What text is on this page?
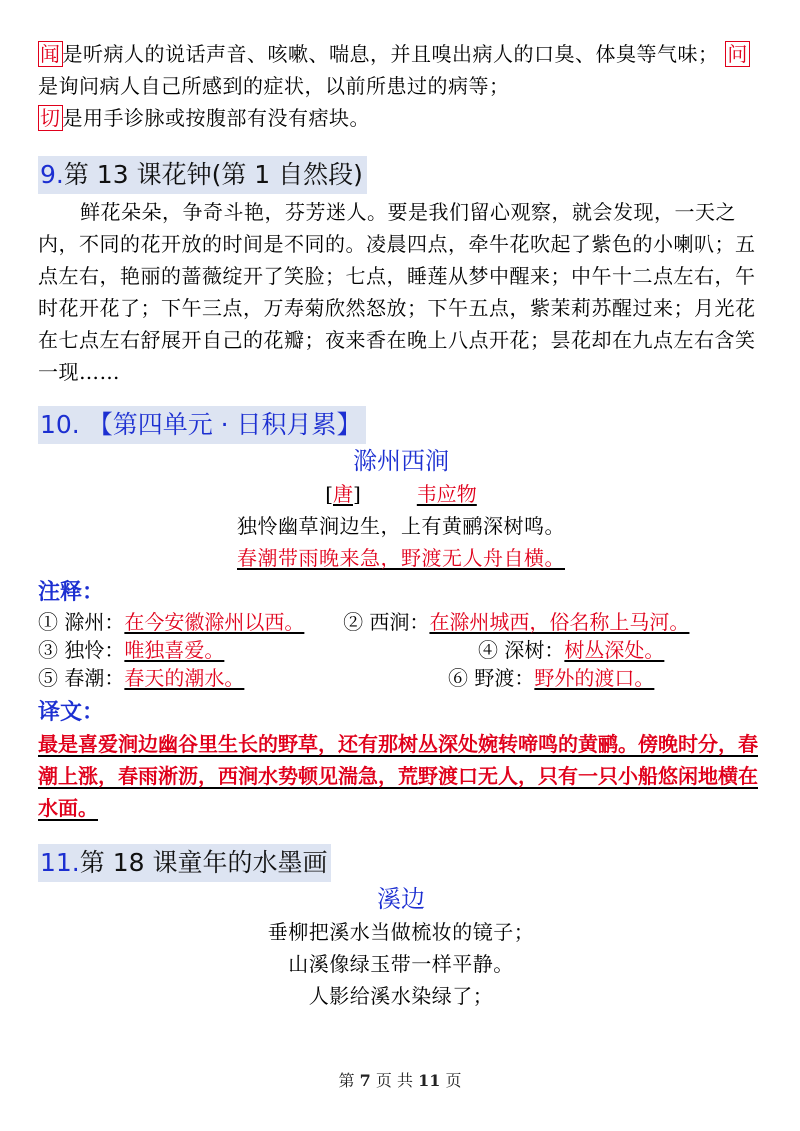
闻 是听病人的说话声音、咳嗽、喘息，并且嗅出病人的口臭、体臭等气味； 问是询问病人自己所感到的症状，以前所患过的病等；
切 是用手诊脉或按腹部有没有痞块。
9.第 13 课花钟(第 1 自然段)
鲜花朵朵，争奇斗艳，芬芳迷人。要是我们留心观察，就会发现，一天之内，不同的花开放的时间是不同的。凌晨四点，牵牛花吹起了紫色的小喇叭；五点左右，艳丽的蔷薇绽开了笑脸；七点，睡莲从梦中醒来；中午十二点左右，午时花开花了；下午三点，万寿菊欣然怒放；下午五点，紫茉莉苏醒过来；月光花在七点左右舒展开自己的花瓣；夜来香在晚上八点开花；昙花却在九点左右含笑一现……
10. 【第四单元 · 日积月累】
滁州西涧
[唐]	韦应物
独怜幽草涧边生，上有黄鹂深树鸣。
春潮带雨晚来急，野渡无人舟自横。
注释：
① 滁州：在今安徽滁州以西。 ② 西涧：在滁州城西，俗名称上马河。
③ 独怜：唯独喜爱。	④ 深树：树丛深处。
⑤ 春潮：春天的潮水。	⑥ 野渡：野外的渡口。
译文：
最是喜爱涧边幽谷里生长的野草，还有那树丛深处婉转啼鸣的黄鹂。傍晚时分，春潮上涨，春雨淅沥，西涧水势顿见湍急，荒野渡口无人，只有一只小船悠闲地横在水面。
11.第 18 课童年的水墨画
溪边
垂柳把溪水当做梳妆的镜子；
山溪像绿玉带一样平静。
人影给溪水染绿了；
第 7 页 共 11 页
